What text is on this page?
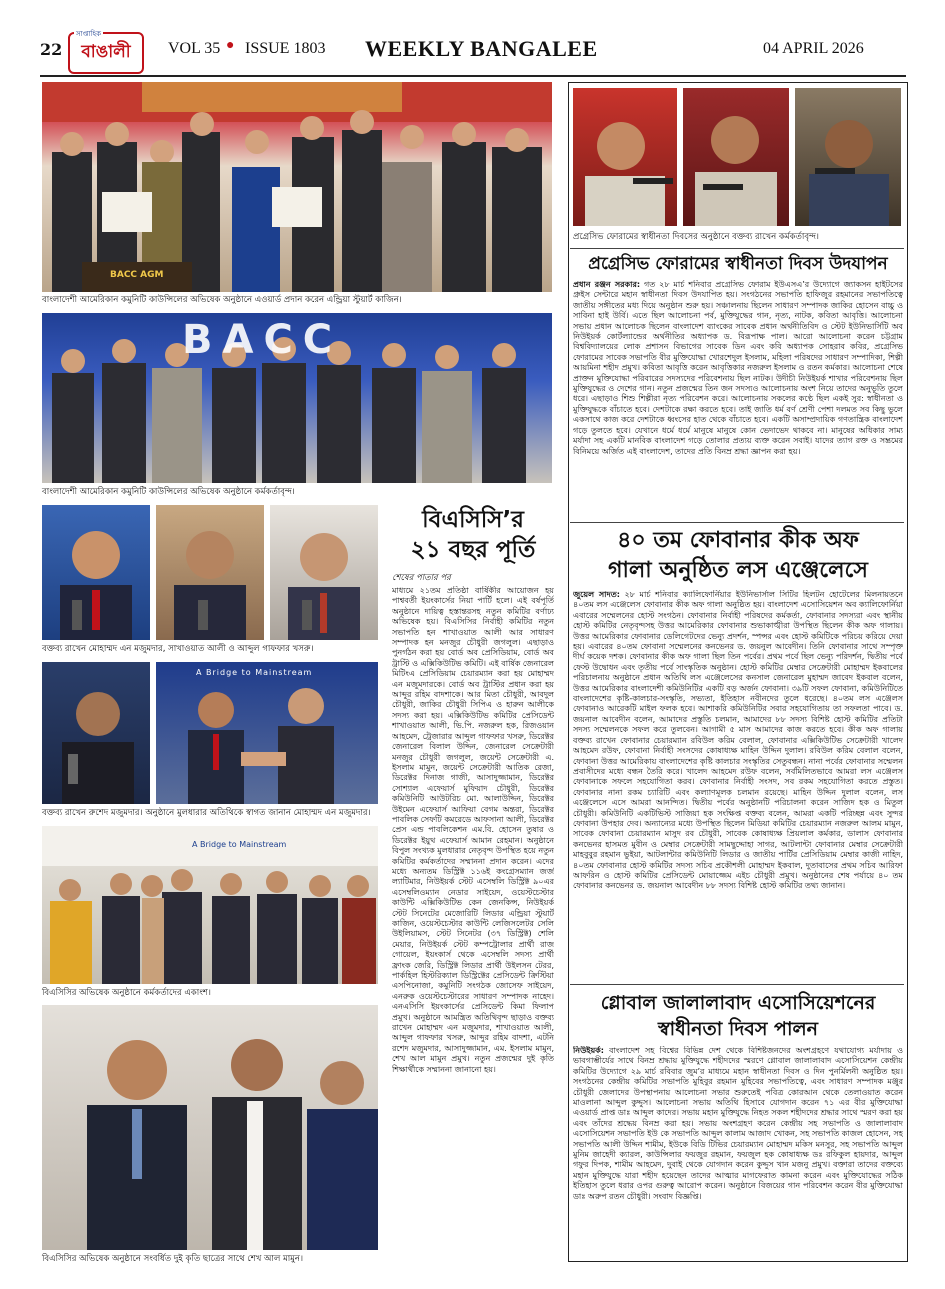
22	বাঙালী
সাপ্তাহিক
VOL 35 ● ISSUE 1803 WEEKLY BANGALEE	04 APRIL 2026
BACC AGM
বাংলাদেশী আমেরিকান কমুনিটি কাউন্সিলের অভিষেক অনুষ্ঠানে এওয়ার্ড প্রদান করেন এন্ড্রিয়া স্টুয়ার্ট কাজিন।
BACC
বাংলাদেশী আমেরিকান কমুনিটি কাউন্সিলের অভিষেক অনুষ্ঠানে কর্মকর্তাবৃন্দ।
বক্তব্য রাখেন মোহাম্মদ এন মজুমদার, সাখাওয়াত আলী ও আব্দুল গাফফার খসরু।
A Bridge to Mainstream
বক্তব্য রাখেন রুশেদ মজুমদার। অনুষ্ঠানে মুলধারার অতিথিকে স্বাগত জানান মোহাম্মদ এন মজুমদার।
A Bridge to Mainstream
বিএসিসির অভিষেক অনুষ্ঠানে কর্মকর্তাদের একাংশ।
বিএসিসির অভিষেক অনুষ্ঠানে সংবর্ধিত দুই কৃতি ছাত্রের সাথে শেখ আল মামুন।
বিএসিসি’র
২১ বছর পূর্তি
শেষের পাতার পর
মাধ্যমে ২১তম প্রতিষ্ঠা বার্ষিকীর আয়োজন হয় পাশ্ববর্তী ইয়ংকার্সের নিয়া পার্টি হলে। এই বর্ষপূর্তি অনুষ্ঠানে দায়িত্ব হস্তান্তরসহ নতুন কমিটির বর্ণাঢ্য অভিষেক হয়। বিএসিসির নির্বাহী কমিটির নতুন সভাপতি হন শাখাওয়াত আলী আর সাধারণ সম্পাদক হন মনজুর চৌধুরী জগলুল। এছাড়াও পুনর্গঠন করা হয় বোর্ড অব প্রেসিডিয়াম, বোর্ড অব ট্রাস্টি ও এক্সিকিউটিভ কমিটি। এই বার্ষিক জেনারেল মিটিংএ প্রেসিডিয়াম চেয়ারম্যান করা হয় মোহাম্মদ এন মজুমদারকে। বোর্ড অব ট্রাস্টির প্রধান করা হয় আব্দুর রহিম বাদশাকে। আর মিতা চৌধুরী, আবদুল চৌধুরী, জাকির চৌধুরী সিপিএ ও হারুন আলীকে সদস্য করা হয়। এক্সিকিউটিভ কমিটির প্রেসিডেন্ট শাখাওয়াত আলী, ভি.পি. নজরুল হক, রিজওয়ান আহমেদ, ট্রেজারার আব্দুল গাফফার খসরু, ডিরেক্টর জেনারেল বিলাল উদ্দিন, জেনারেল সেক্রেটারী মনজুর চৌধুরী জগলুল, জয়েন্ট সেক্রেটারী এ. ইসলাম মামুন, জয়েন্ট সেক্রেটারী আতিক রেজা, ডিরেক্টর দিনাজ গাজী, আসাদুজ্জামান, ডিরেক্টর সোশ্যাল এফেয়ার্স মুফিয়াদ চৌধুরী, ডিরেক্টর কমিউনিটি আউটরিচ মো. আলাউদ্দিন, ডিরেক্টর উইমেন এফেয়ার্স আফিয়া বেগম অন্তরা, ডিরেক্টর পাবলিক সেফটি কমরেডে আফসানা আলী, ডিরেক্টর প্রেস এন্ড পাবলিকেশন এম.বি. হোসেন তুষার ও ডিরেক্টর ইয়ুথ এফেয়ার্স আমান রেহমান। অনুষ্ঠানে বিপুল সংখ্যক মুলধারার নেতৃবৃন্দ উপস্থিত হয়ে নতুন কমিটির কর্মকর্তাদের সম্মাননা প্রদান করেন। এদের মধ্যে অন্যতম ডিস্ট্রিক্ট ১১৬ই কংগ্রেসম্যান জর্জ ল্যাটিমার, নিউইয়র্ক স্টেট এসেম্বলি ডিস্ট্রিক্ট ৯০এর এসেম্বলিওম্যান নেডার সাইয়েদ, ওয়েস্টচেস্টার কাউন্টি এক্সিকিউটিভ কেন জেনকিন্স, নিউইয়র্ক স্টেট সিনেটের মেজোরিটি লিডার এন্ড্রিয়া স্টুয়ার্ট কাজিন, ওয়েস্টচেস্টার কাউন্টি লেজিসলেটর সেলি উইলিয়ামস, স্টেট সিনেটর (৩৭ ডিস্ট্রিক্ট) শেলি মেয়ার, নিউইয়র্ক স্টেট কম্পট্রোলার প্রার্থী রাজ গোয়েল, ইয়ংকার্স থেকে এসেম্বলি সদস্য প্রার্থী ফ্রাংক জেরি, ডিস্ট্রিক্ট লিডার প্রার্থী উইলসন টেরর, পার্কহিল হিস্টরিক্যাল ডিস্ট্রিক্টের প্রেসিডেন্ট ক্রিস্টিয়া এসপিনোজা, কমুনিটি সংগঠক জোসেফ সাইয়েদ, এনরুক ওয়েস্টচেস্টারের সাধারণ সম্পাদক নাহেদ। এনএসিসি ইয়ংকার্সের প্রেসিডেন্ট কিমা ফিলাপ প্রমুখ। অনুষ্ঠানে আমন্ত্রিত অতিথিবৃন্দ ছাড়াও বক্তব্য রাখেন মোহাম্মদ এন মজুমদার, শাখাওয়াত আলী, আব্দুল গাফফার খসরু, আব্দুর রহিম বাদশা, এটনি রশেদ মজুমদার, আসাদুজ্জামান, এম. ইসলাম মামুন, শেখ আল মামুন প্রমুখ। নতুন প্রজন্মের দুই কৃতি শিক্ষার্থীকে সম্মাননা জানানো হয়।
প্রগ্রেসিভ ফোরামের স্বাধীনতা দিবসের অনুষ্ঠানে বক্তব্য রাখেন কর্মকর্তাবৃন্দ।
প্রগ্রেসিভ ফোরামের স্বাধীনতা দিবস উদযাপন
প্রধান রঞ্জন সরকার: গত ২৮ মার্চ শনিবার প্রগ্রেসিভ ফোরাম ইউএসএ’র উদ্যোগে জ্যাকসন হাইটসের গ্রুইস সেন্টারে মহান স্বাধীনতা দিবস উদযাপিত হয়। সংগঠনের সভাপতি হাফিজুর রহমানের সভাপতিত্বে জাতীয় সঙ্গীতের মধ্য দিয়ে অনুষ্ঠান শুরু হয়। সঞ্চালনায় ছিলেন সাধারণ সম্পাদক জাকির হোসেন বাচ্চু ও সাবিনা হাই উর্বি। এতে ছিল আলোচনা পর্ব, মুক্তিযুদ্ধের গান, নৃত্য, নাটক, কবিতা আবৃত্তি। আলোচনা সভায় প্রধান আলোচক ছিলেন বাংলাদেশ ব্যাংকের সাবেক প্রধান অর্থনীতিবিদ ও স্টেট ইউনিভার্সিটি অব নিউইয়র্ক কোর্টল্যান্ডের অর্থনীতির অধ্যাপক ড. বিরূপাক্ষ পাল। আরো আলোচনা করেন চট্টগ্রাম বিশ্ববিদ্যালয়ের লোক প্রশাসন বিভাগের সাবেক ডিন এবং কবি অধ্যাপক সোহরাব কবির, প্রগ্রেসিভ ফোরামের সাবেক সভাপতি বীর মুক্তিযোদ্ধা খোরশেদুল ইসলাম, মহিলা পরিষদের সাধারণ সম্পাদিকা, শিল্পী আয়মিনা শহীদ প্রমুখ। কবিতা আবৃত্তি করেন আবৃত্তিকার নজরুল ইসলাম ও রতন কর্মকার। আলোচনা শেষে প্রাক্তন মুক্তিযোদ্ধা পরিবারের সদস্যদের পরিবেশনায় ছিল নাটক। উদীচী নিউইয়র্ক শাখার পরিবেশনায় ছিল মুক্তিযুদ্ধের ও দেশের গান। নতুন প্রজন্মের তিন জন সদস্যও আলোচনায় অংশ নিয়ে তাদের অনুভূতি তুলে ধরে। এছাড়াও শিশু শিল্পীরা নৃত্য পরিবেশন করে। আলোচনায় সকলের কণ্ঠে ছিল একই সুর: স্বাধীনতা ও মুক্তিযুদ্ধকে বাঁচাতে হবে। দেশটাকে রক্ষা করতে হবে। তাই জাতি ধর্ম বর্ণ শ্রেণী পেশা দলমত সব কিছু ভুলে একসাথে কাজ করে দেশটাকে ধ্বংসের হাত থেকে বাঁচাতে হবে। একটি অসাম্প্রদায়িক গণতান্ত্রিক বাংলাদেশ গড়ে তুলতে হবে। যেখানে ধর্মে ধর্মে মানুষে মানুষে কোন ভেদাভেদ থাকবে না। মানুষের অধিকার সাম্য মর্যাদা সহ একটি মানবিক বাংলাদেশ গড়ে তোলার প্রত্যয় ব্যক্ত করেন সবাই। যাদের ত্যাগ রক্ত ও সম্ভ্রমের বিনিময়ে অর্জিত এই বাংলাদেশ, তাদের প্রতি বিনম্র শ্রদ্ধা জ্ঞাপন করা হয়।
৪০ তম ফোবানার কীক অফ
গালা অনুষ্ঠিত লস এঞ্জেলেসে
জুয়েল সাদত: ২৮ মার্চ শনিবার ক্যালিফোর্নিয়ার ইউনিভার্সাল সিটির হিলটন হোটেলের মিলনায়তনে ৪০তম লস এঞ্জেলেস ফোবানার কীক অফ গালা অনুষ্ঠিত হয়। বাংলাদেশ এসোসিয়েশন অব ক্যালিফোর্নিয়া এবারের সম্মেলনের হোস্ট সংগঠন। ফোবানার নির্বাহী পরিষদের কর্মকর্তা, ফোবানার সদস্যরা এবং স্থানীয় হোস্ট কমিটির নেতৃবৃন্দসহ উত্তর আমেরিকার ফোবানার শুভাকাঙ্খীরা উপস্থিত ছিলেন কীক অফ গালায়। উত্তর আমেরিকার ফোবানার ডেলিগেটদের ভেন্যু প্রদর্শন, স্পন্সর এবং হোস্ট কমিটিকে পরিচয় করিয়ে দেয়া হয়। এবারের ৪০তম ফোবানা সম্মেলনের কনভেনর ড. জয়নুল আবেদীন। তিনি ফোবানার সাথে সম্পৃক্ত দীর্ঘ কয়েক দশক। ফোবানার কীক অফ গালা ছিল তিন পর্বের। প্রথম পর্বে ছিল ভেন্যু পরিদর্শন, দ্বিতীয় পর্বে ফেস্ট উদ্বোধন এবং তৃতীয় পর্বে সাংস্কৃতিক অনুষ্ঠান। হোস্ট কমিটির মেম্বার সেক্রেটারী মোহাম্মদ ইকবালের পরিচালনায় অনুষ্ঠানে প্রধান অতিথি লস এঞ্জেলেসের কনসাল জেনারেল মুহাম্মদ জাবেদ ইকবাল বলেন, উত্তর আমেরিকার বাংলাদেশী কমিউনিটির একটি বড় অর্জন ফোবানা। ৩৯টি সফল ফোবানা, কমিউনিটিতে বাংলাদেশের কৃষ্টি-কালচার-সংস্কৃতি, সভ্যতা, ইতিহাস নবীনদের তুলে ধরেছে। ৪০তম লস এঞ্জেলস ফোবানাও আরেকটি মাইল ফলক হবে। আশাকরি কমিউনিটির সবার সহযোগিতায় তা সফলতা পাবে। ড. জয়নাল আবেদীন বলেন, আমাদের প্রস্তুতি চলমান, আমাদের ৮৮ সদস্য বিশিষ্ট হোস্ট কমিটির প্রতিটা সদস্য সম্মেলনকে সফল করে তুলবেন। আগামী ৫ মাস আমাদের কাজ করতে হবে। কীক অফ গালায় বক্তব্য রাখেন ফোবানার চেয়ারম্যান রবিউল করিম বেলাল, ফোবানার এক্সিকিউটিভ সেক্রেটারী খালেদ আহমেদ রউফ, ফোবানা নির্বাহী সংসদের কোষাধ্যক্ষ মাহিন উদ্দিন দুলাল। রবিউল করিম বেলাল বলেন, ফোবানা উত্তর আমেরিকায় বাংলাদেশের কৃষ্টি কালচার সংস্কৃতির সেতুবন্ধন। নানা পর্বের ফোবানার সম্মেলন প্রবাসীদের মধ্যে বন্ধন তৈরি করে। খালেদ আহমেদ রউফ বলেন, সর্বমিলিতভাবে আমরা লস এঞ্জেলস ফোবানাকে সফলে সহযোগিতা করব। ফোবানার নির্বাহী সংসদ, সব রকম সহযোগিতা করতে প্রস্তুত। ফোবানার নানা রকম চ্যারিটি এবং কল্যাণমূলক চলমান রয়েছে। মাহিন উদ্দিন দুলাল বলেন, লস এঞ্জেলেসে এসে আমরা আনন্দিত। দ্বিতীয় পর্বের অনুষ্ঠানটি পরিচালনা করেন সাজিদ হক ও মিতুল চৌধুরী। কমিউনিটি একটিভিস্ট সাজিয়া হক সংক্ষিপ্ত বক্তব্য বলেন, আমরা একটি পরিচ্ছন্ন এবং সুন্দর ফোবানা উপহার দেব। অন্যান্যের মধ্যে উপস্থিত ছিলেন মিডিয়া কমিটির চেয়ারম্যান নজরুল আলম মামুন, সাবেক ফোবানা চেয়ারম্যান মাসুদ রব চৌধুরী, সাবেক কোষাধ্যক্ষ প্রিয়লাল কর্মকার, ডালাস ফোবানার কনভেনর হাসমত মুবীন ও মেম্বার সেক্রেটারী সামছুদ্দোহা সাগর, আটলান্টা ফোবানার মেম্বার সেক্রেটারী মাহবুবুর রহমান ভুইয়া, আটলান্টার কমিউনিটি লিডার ও জাতীয় পার্টির প্রেসিডিয়াম মেম্বার কাজী নাহিদ, ৪০তম ফোবানার হোস্ট কমিটির সদস্য সচিব প্রকৌশলী মোহাম্মদ ইকবাল, দুতাবাসের প্রথম সচিব আরিফা আফরিন ও হোস্ট কমিটির প্রেসিডেন্ট মোয়াজ্জেম এইচ চৌধুরী প্রমুখ। অনুষ্ঠানের শেষ পর্যায়ে ৪০ তম ফোবানার কনভেনর ড. জয়নাল আবেদীন ৮৮ সদস্য বিশিষ্ট হোস্ট কমিটির তথ্য জানান।
গ্লোবাল জালালাবাদ এসোসিয়েশনের
স্বাধীনতা দিবস পালন
নিউইয়র্ক: বাংলাদেশ সহ বিশ্বের বিভিন্ন দেশ থেকে বিশিষ্টজনদের অংশগ্রহণে যথাযোগ্য মর্যাদায় ও ভাবগাম্ভীর্যের সাথে বিনম্র শ্রদ্ধায় মুক্তিযুদ্ধে শহীদদের স্মরণে গ্লোবাল জালালাবাদ এসোসিয়েশন কেন্দ্রীয় কমিটির উদ্যোগে ২৯ মার্চ রবিবার জুম’র মাধ্যমে মহান স্বাধীনতা দিবস ও দিন পুনর্মিলনী অনুষ্ঠিত হয়। সংগঠনের কেন্দ্রীয় কমিটির সভাপতি মুহিবুর রহমান মুহিবের সভাপতিত্বে, এবং সাধারণ সম্পাদক মঞ্জুর চৌধুরী জেলাদের উপস্থাপনায় আলোচনা সভার শুরুতেই পবিত্র কোরআন থেকে তেলাওয়াত করেন মাওলানা আব্দুল কুদ্দুস। আলোচনা সভায় অতিথি হিসাবে যোগদান করেন ৭১ এর বীর মুক্তিযোদ্ধা এওয়ার্ড প্রাপ্ত ডাঃ আব্দুল কাদের। সভায় মহান মুক্তিযুদ্ধে নিহত সকল শহীদদের শ্রদ্ধার সাথে স্মরণ করা হয় এবং তাঁদের শ্রদ্ধেয় বিনম্র করা হয়। সভায় অংশগ্রহণ করেন কেন্দ্রীয় সহ সভাপতি ও জালালাবাদ এসোসিয়েশন সভাপতি ইউ কে সভাপতি আব্দুল কালাম আজাদ খোকন, সহ সভাপতি কাজল হোসেন, সহ সভাপতি আলী উদ্দিন শামীম, ইউকে বিডি টিভির চেয়ারম্যান মোহাম্মদ মকিস মনসুর, সহ সভাপতি আব্দুল মুনিম জাহেদী ক্যারল, কাউন্সিলার ফয়জুর রহমান, ফয়জুল হক কোষাধ্যক্ষ ডঃ রফিকুল হায়দার, আব্দুল গফুর দিপক, শামীম আহমেদ, দুবাই থেকে যোগদান করেন কুদ্দুস খান মজনু প্রমুখ। বক্তারা তাদের বক্তব্যে মহান মুক্তিযুদ্ধে যারা শহীদ হয়েছেন তাদের আত্মার মাগফেরাত কামনা করেন এবং মুক্তিযোদ্ধের সঠিক ইতিহাস তুলে ধরার ওপর গুরুত্ব আরোপ করেন। অনুষ্ঠানে বিজয়ের গান পরিবেশন করেন বীর মুক্তিযোদ্ধা ডাঃ অরুপ রতন চৌধুরী। সংবাদ বিজ্ঞপ্তি।
